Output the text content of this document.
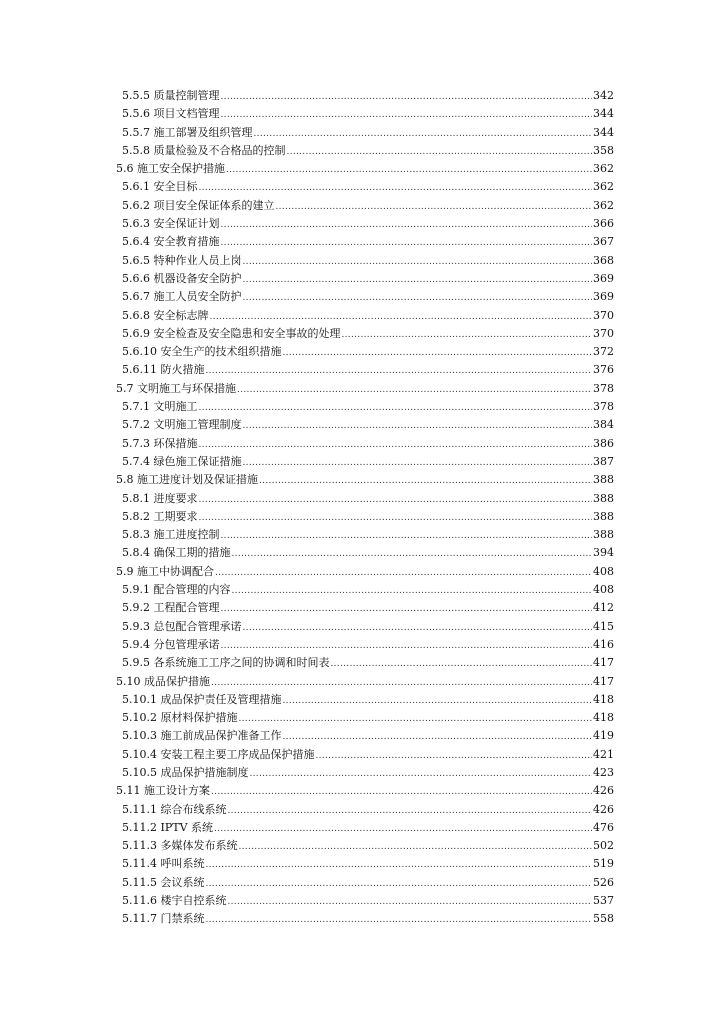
5.5.5 质量控制管理 .....	342
5.5.6 项目文档管理 .....	344
5.5.7 施工部署及组织管理 .....	344
5.5.8 质量检验及不合格品的控制 .....	358
5.6 施工安全保护措施 .....	362
5.6.1 安全目标 .....	362
5.6.2 项目安全保证体系的建立 .....	362
5.6.3 安全保证计划 .....	366
5.6.4 安全教育措施 .....	367
5.6.5 特种作业人员上岗 .....	368
5.6.6 机器设备安全防护 .....	369
5.6.7 施工人员安全防护 .....	369
5.6.8 安全标志牌 .....	370
5.6.9 安全检查及安全隐患和安全事故的处理 .....	370
5.6.10 安全生产的技术组织措施 .....	372
5.6.11 防火措施 .....	376
5.7 文明施工与环保措施 .....	378
5.7.1 文明施工 .....	378
5.7.2 文明施工管理制度 .....	384
5.7.3 环保措施 .....	386
5.7.4 绿色施工保证措施 .....	387
5.8 施工进度计划及保证措施 .....	388
5.8.1 进度要求 .....	388
5.8.2 工期要求 .....	388
5.8.3 施工进度控制 .....	388
5.8.4 确保工期的措施 .....	394
5.9 施工中协调配合 .....	408
5.9.1 配合管理的内容 .....	408
5.9.2 工程配合管理 .....	412
5.9.3 总包配合管理承诺 .....	415
5.9.4 分包管理承诺 .....	416
5.9.5 各系统施工工序之间的协调和时间表 .....	417
5.10 成品保护措施 .....	417
5.10.1 成品保护责任及管理措施 .....	418
5.10.2 原材料保护措施 .....	418
5.10.3 施工前成品保护准备工作 .....	419
5.10.4 安装工程主要工序成品保护措施 .....	421
5.10.5 成品保护措施制度 .....	423
5.11 施工设计方案 .....	426
5.11.1 综合布线系统 .....	426
5.11.2 IPTV 系统 .....	476
5.11.3 多媒体发布系统 .....	502
5.11.4 呼叫系统 .....	519
5.11.5 会议系统 .....	526
5.11.6 楼宇自控系统 .....	537
5.11.7 门禁系统 .....	558
